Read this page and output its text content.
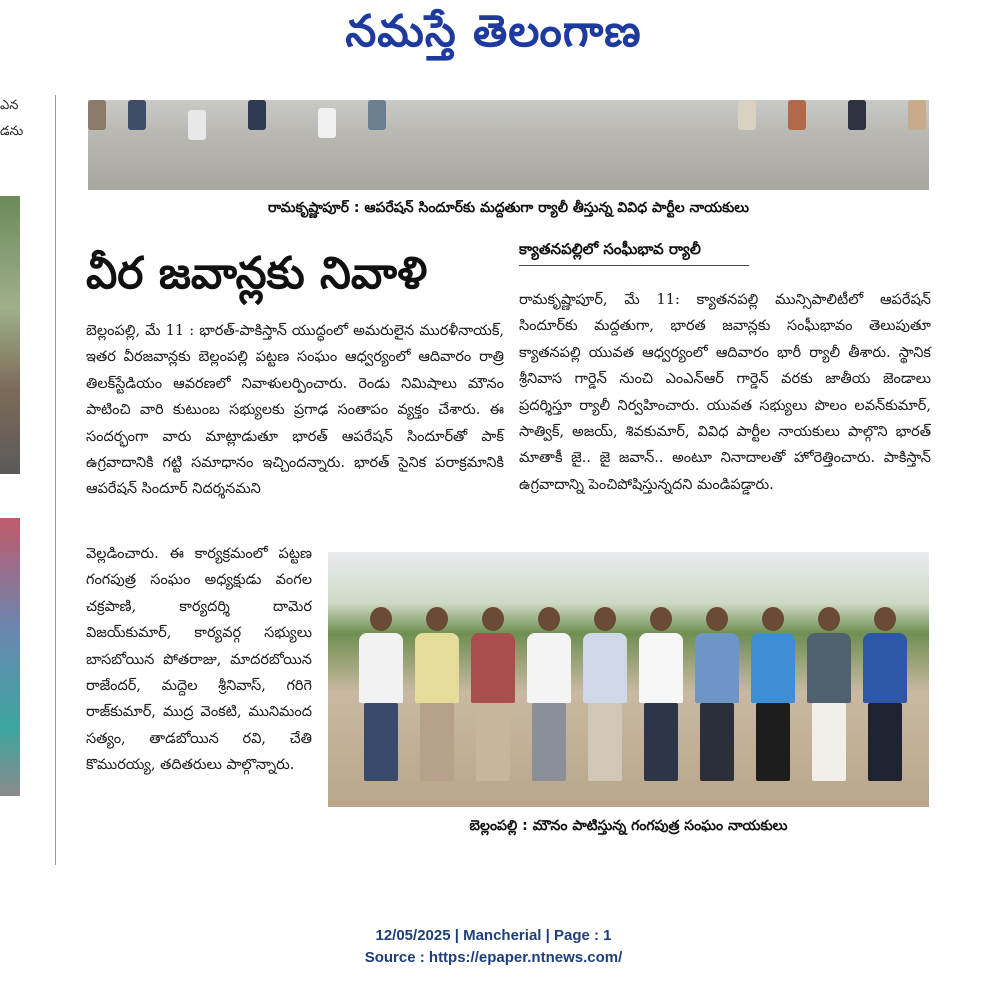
నమస్తే తెలంగాణ
ఎన
డను
రామకృష్ణాపూర్ : ఆపరేషన్ సిందూర్‌కు మద్దతుగా ర్యాలీ తీస్తున్న వివిధ పార్టీల నాయకులు
వీర జవాన్లకు నివాళి

బెల్లంపల్లి, మే 11 : భారత్-పాకిస్తాన్ యుద్ధంలో అమరులైన మురళీనాయక్, ఇతర వీరజవాన్లకు బెల్లంపల్లి పట్టణ సంఘం ఆధ్వర్యంలో ఆదివారం రాత్రి తిలక్‌స్టేడియం ఆవరణలో నివాళులర్పించారు. రెండు నిమిషాలు మౌనం పాటించి వారి కుటుంబ సభ్యులకు ప్రగాఢ సంతాపం వ్యక్తం చేశారు. ఈ సందర్భంగా వారు మాట్లాడుతూ భారత్ ఆపరేషన్ సిందూర్‌తో పాక్ ఉగ్రవాదానికి గట్టి సమాధానం ఇచ్చిందన్నారు. భారత్ సైనిక పరాక్రమానికి ఆపరేషన్ సిందూర్ నిదర్శనమని

వెల్లడించారు. ఈ కార్యక్రమంలో పట్టణ గంగపుత్ర సంఘం అధ్యక్షుడు వంగల చక్రపాణి, కార్యదర్శి దామెర విజయ్‌కుమార్, కార్యవర్గ సభ్యులు బాసబోయిన పోతరాజు, మాదరబోయిన రాజేందర్, మద్దెల శ్రీనివాస్, గరిగె రాజ్‌కుమార్, ముద్ర వెంకటి, మునిమంద సత్యం, తాడబోయిన రవి, చేతి కొమురయ్య, తదితరులు పాల్గొన్నారు.

క్యాతనపల్లిలో సంఘీభావ ర్యాలీ

రామకృష్ణాపూర్, మే 11: క్యాతనపల్లి మున్సిపాలిటీలో ఆపరేషన్ సిందూర్‌కు మద్దతుగా, భారత జవాన్లకు సంఘీభావం తెలుపుతూ క్యాతనపల్లి యువత ఆధ్వర్యంలో ఆదివారం భారీ ర్యాలీ తీశారు. స్థానిక శ్రీనివాస గార్డెన్ నుంచి ఎంఎన్ఆర్ గార్డెన్ వరకు జాతీయ జెండాలు ప్రదర్శిస్తూ ర్యాలీ నిర్వహించారు. యువత సభ్యులు పొలం లవన్‌కుమార్, సాత్విక్, అజయ్, శివకుమార్, వివిధ పార్టీల నాయకులు పాల్గొని భారత్ మాతాకీ జై.. జై జవాన్.. అంటూ నినాదాలతో హోరెత్తించారు. పాకిస్తాన్ ఉగ్రవాదాన్ని పెంచిపోషిస్తున్నదని మండిపడ్డారు.

బెల్లంపల్లి : మౌనం పాటిస్తున్న గంగపుత్ర సంఘం నాయకులు
12/05/2025 | Mancherial | Page : 1
Source : https://epaper.ntnews.com/
